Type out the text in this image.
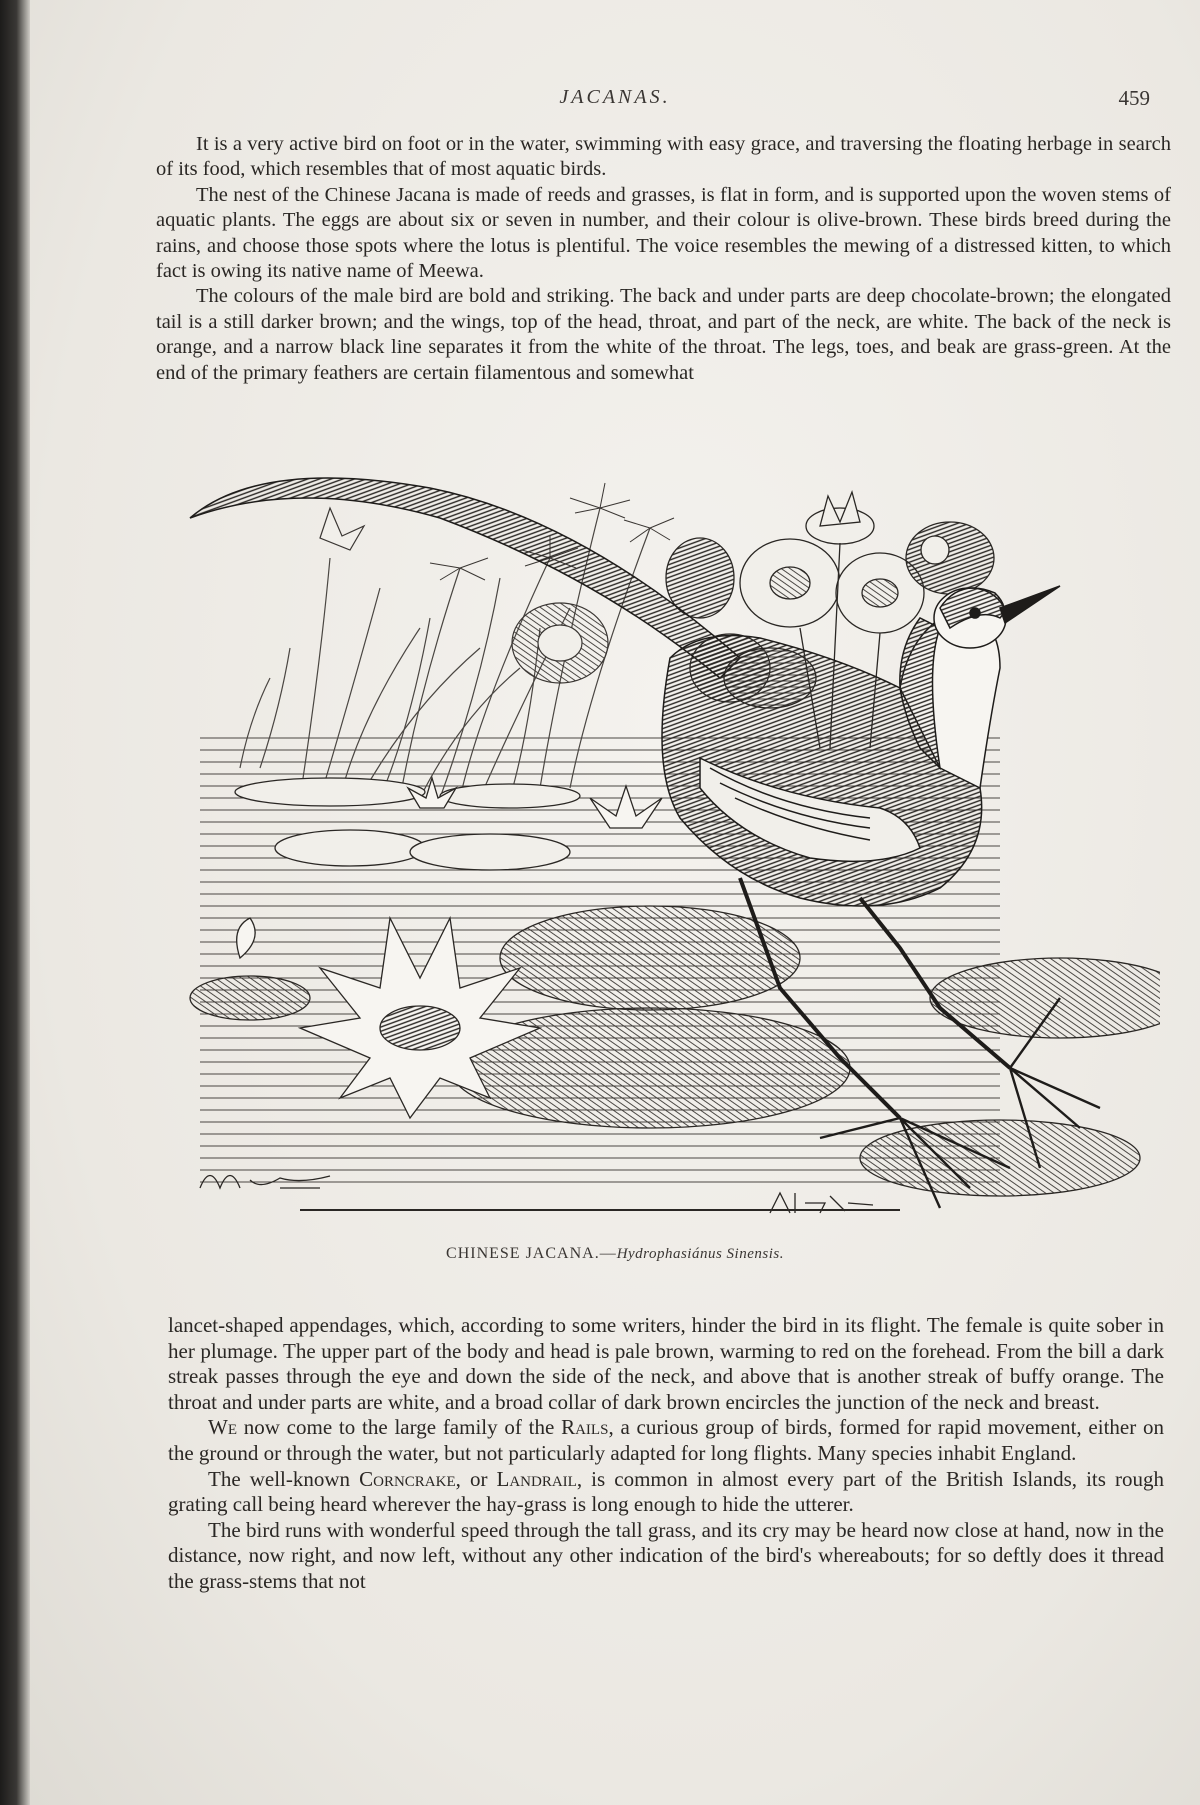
JACANAS.	459

It is a very active bird on foot or in the water, swimming with easy grace, and traversing the floating herbage in search of its food, which resembles that of most aquatic birds.

The nest of the Chinese Jacana is made of reeds and grasses, is flat in form, and is supported upon the woven stems of aquatic plants. The eggs are about six or seven in number, and their colour is olive-brown. These birds breed during the rains, and choose those spots where the lotus is plentiful. The voice resembles the mewing of a distressed kitten, to which fact is owing its native name of Meewa.

The colours of the male bird are bold and striking. The back and under parts are deep chocolate-brown; the elongated tail is a still darker brown; and the wings, top of the head, throat, and part of the neck, are white. The back of the neck is orange, and a narrow black line separates it from the white of the throat. The legs, toes, and beak are grass-green. At the end of the primary feathers are certain filamentous and somewhat

CHINESE JACANA.—Hydrophasiánus Sinensis.

lancet-shaped appendages, which, according to some writers, hinder the bird in its flight. The female is quite sober in her plumage. The upper part of the body and head is pale brown, warming to red on the forehead. From the bill a dark streak passes through the eye and down the side of the neck, and above that is another streak of buffy orange. The throat and under parts are white, and a broad collar of dark brown encircles the junction of the neck and breast.

We now come to the large family of the Rails, a curious group of birds, formed for rapid movement, either on the ground or through the water, but not particularly adapted for long flights. Many species inhabit England.

The well-known Corncrake, or Landrail, is common in almost every part of the British Islands, its rough grating call being heard wherever the hay-grass is long enough to hide the utterer.

The bird runs with wonderful speed through the tall grass, and its cry may be heard now close at hand, now in the distance, now right, and now left, without any other indication of the bird's whereabouts; for so deftly does it thread the grass-stems that not
